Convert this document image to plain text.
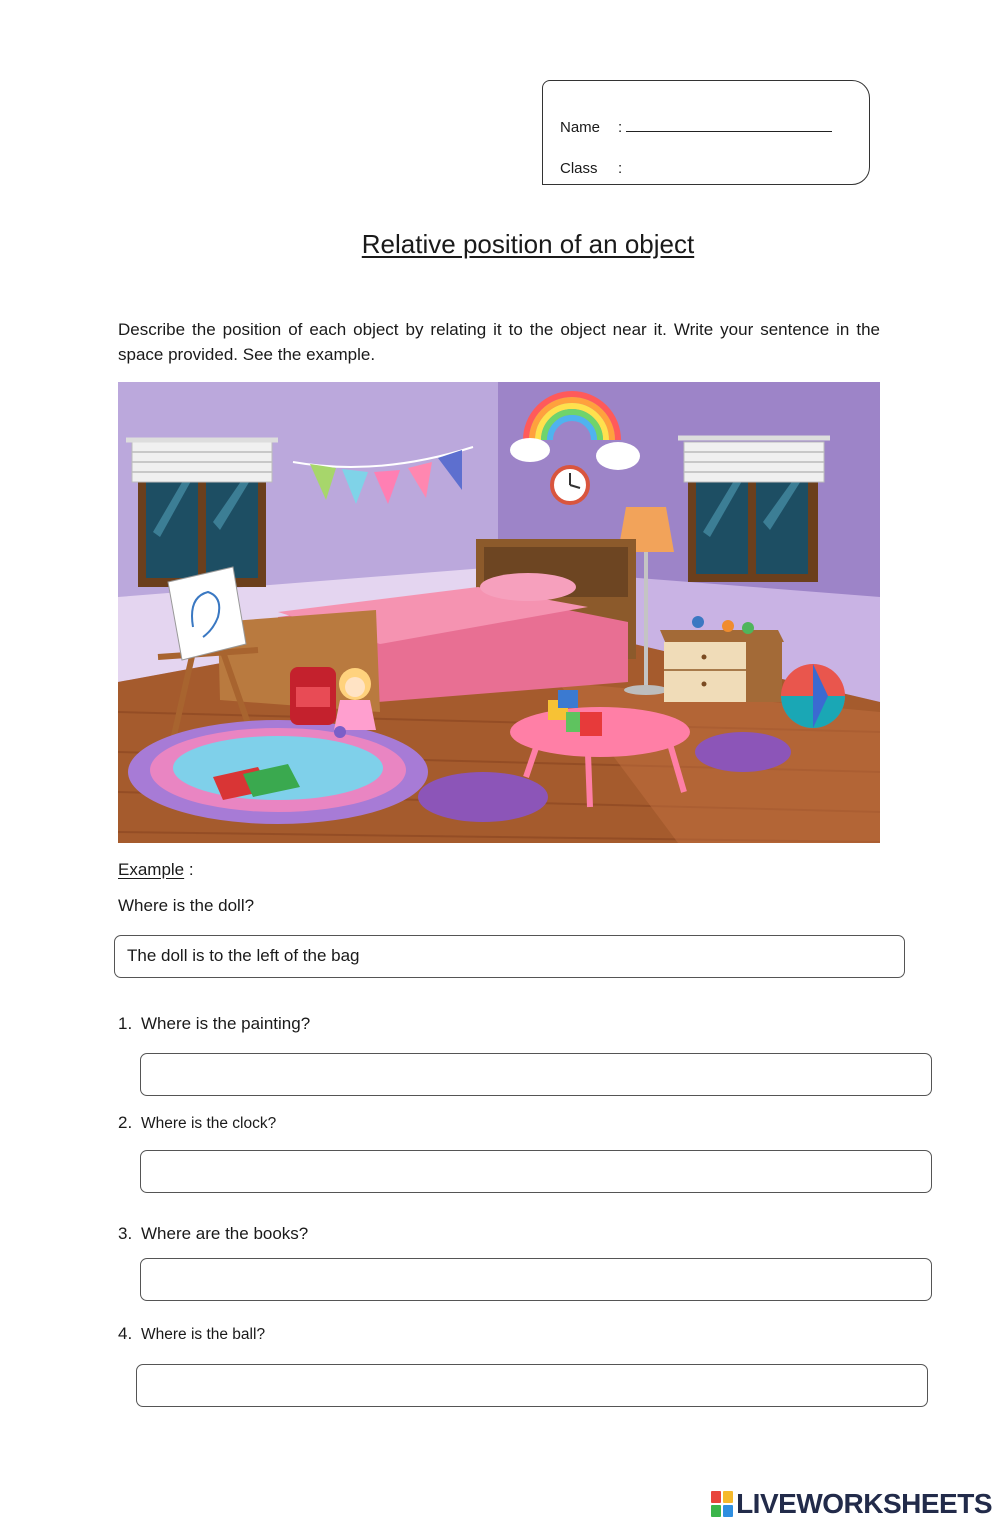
Name :
Class :
Relative position of an object
Describe the position of each object by relating it to the object near it. Write your sentence in the space provided. See the example.
Example :
Where is the doll?
The doll is to the left of the bag
1. Where is the painting?
2. Where is the clock?
3. Where are the books?
4. Where is the ball?
LIVEWORKSHEETS
